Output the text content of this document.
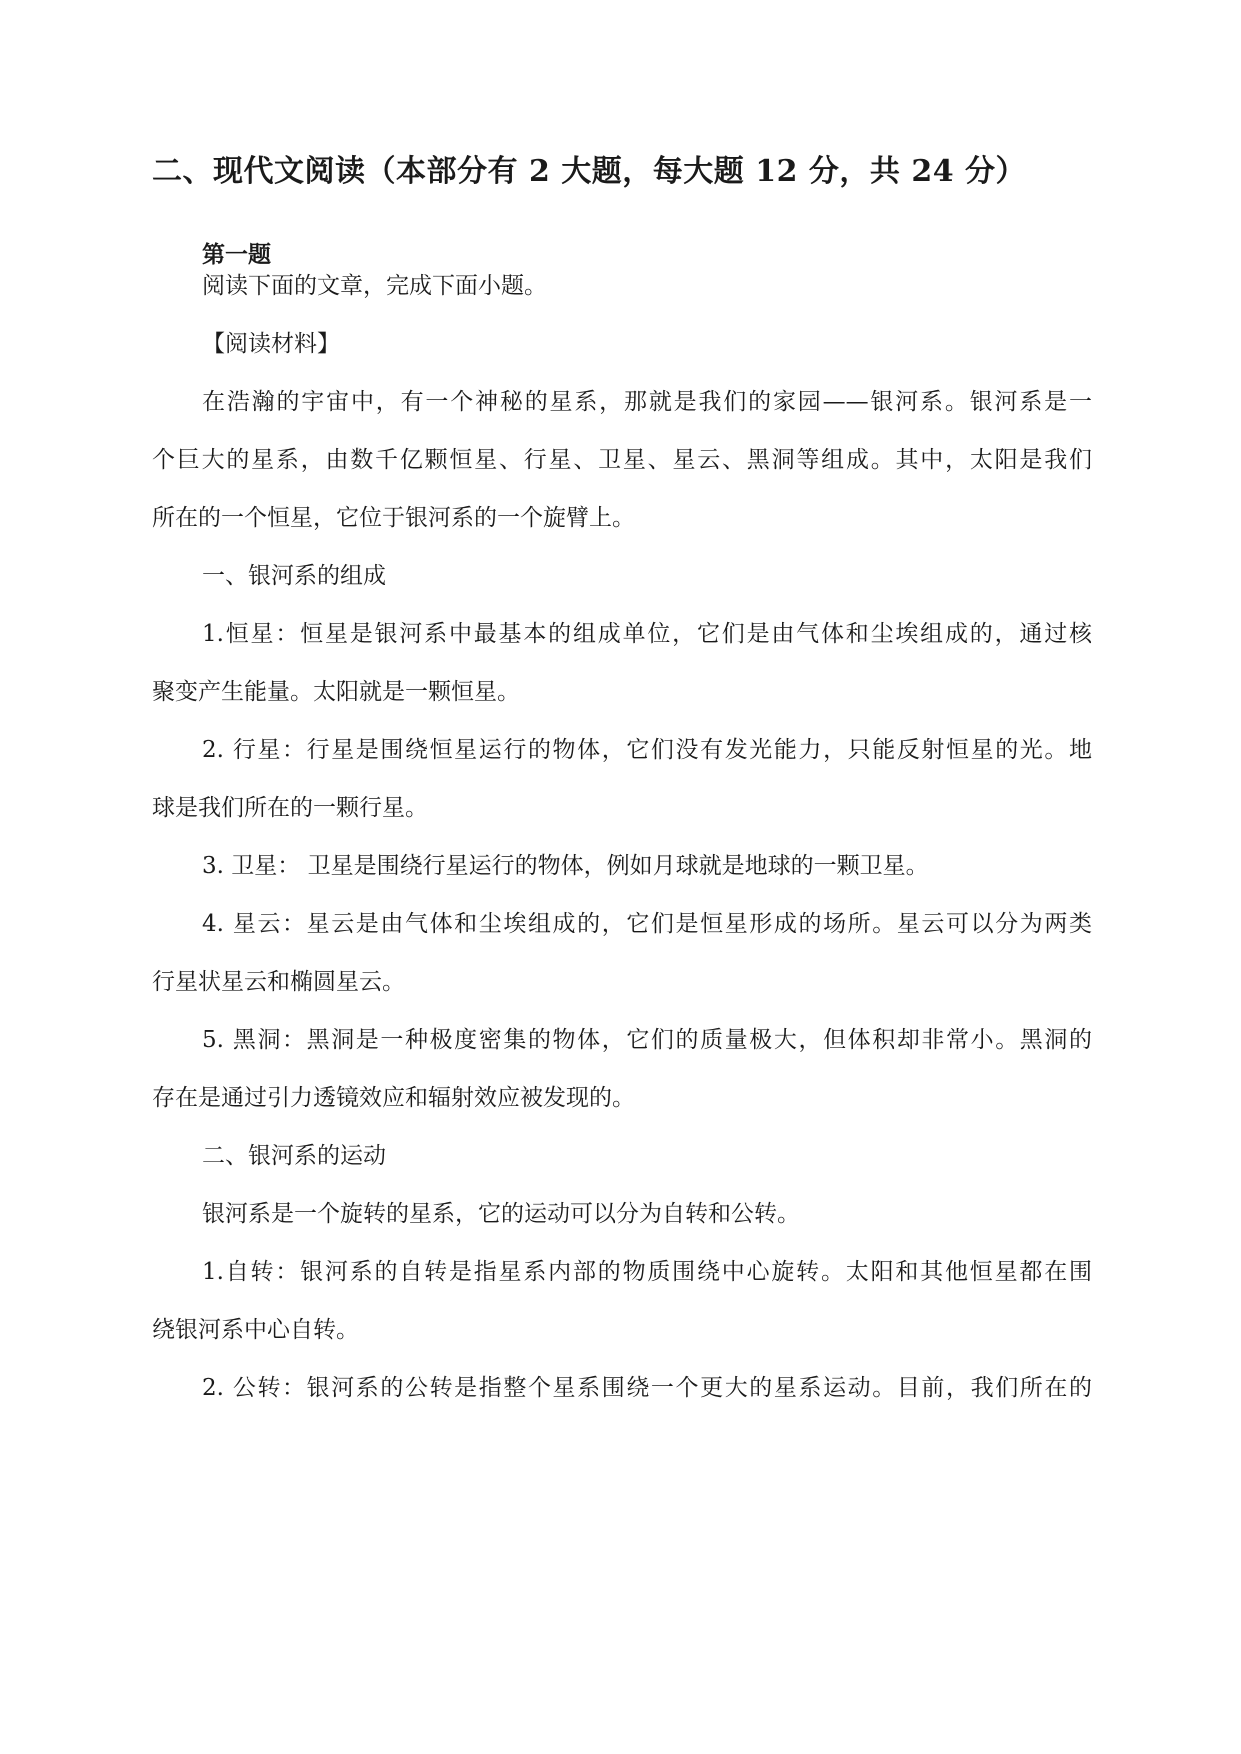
二、现代文阅读（本部分有 2 大题，每大题 12 分，共 24 分）
第一题
阅读下面的文章，完成下面小题。
【阅读材料】
在浩瀚的宇宙中，有一个神秘的星系，那就是我们的家园——银河系。银河系是一
个巨大的星系，由数千亿颗恒星、行星、卫星、星云、黑洞等组成。其中，太阳是我们
所在的一个恒星，它位于银河系的一个旋臂上。
一、银河系的组成
1.恒星：恒星是银河系中最基本的组成单位，它们是由气体和尘埃组成的，通过核
聚变产生能量。太阳就是一颗恒星。
2. 行星：行星是围绕恒星运行的物体，它们没有发光能力，只能反射恒星的光。地
球是我们所在的一颗行星。
3. 卫星： 卫星是围绕行星运行的物体，例如月球就是地球的一颗卫星。
4. 星云：星云是由气体和尘埃组成的，它们是恒星形成的场所。星云可以分为两类
行星状星云和椭圆星云。
5. 黑洞：黑洞是一种极度密集的物体，它们的质量极大，但体积却非常小。黑洞的
存在是通过引力透镜效应和辐射效应被发现的。
二、银河系的运动
银河系是一个旋转的星系，它的运动可以分为自转和公转。
1.自转：银河系的自转是指星系内部的物质围绕中心旋转。太阳和其他恒星都在围
绕银河系中心自转。
2. 公转：银河系的公转是指整个星系围绕一个更大的星系运动。目前，我们所在的
